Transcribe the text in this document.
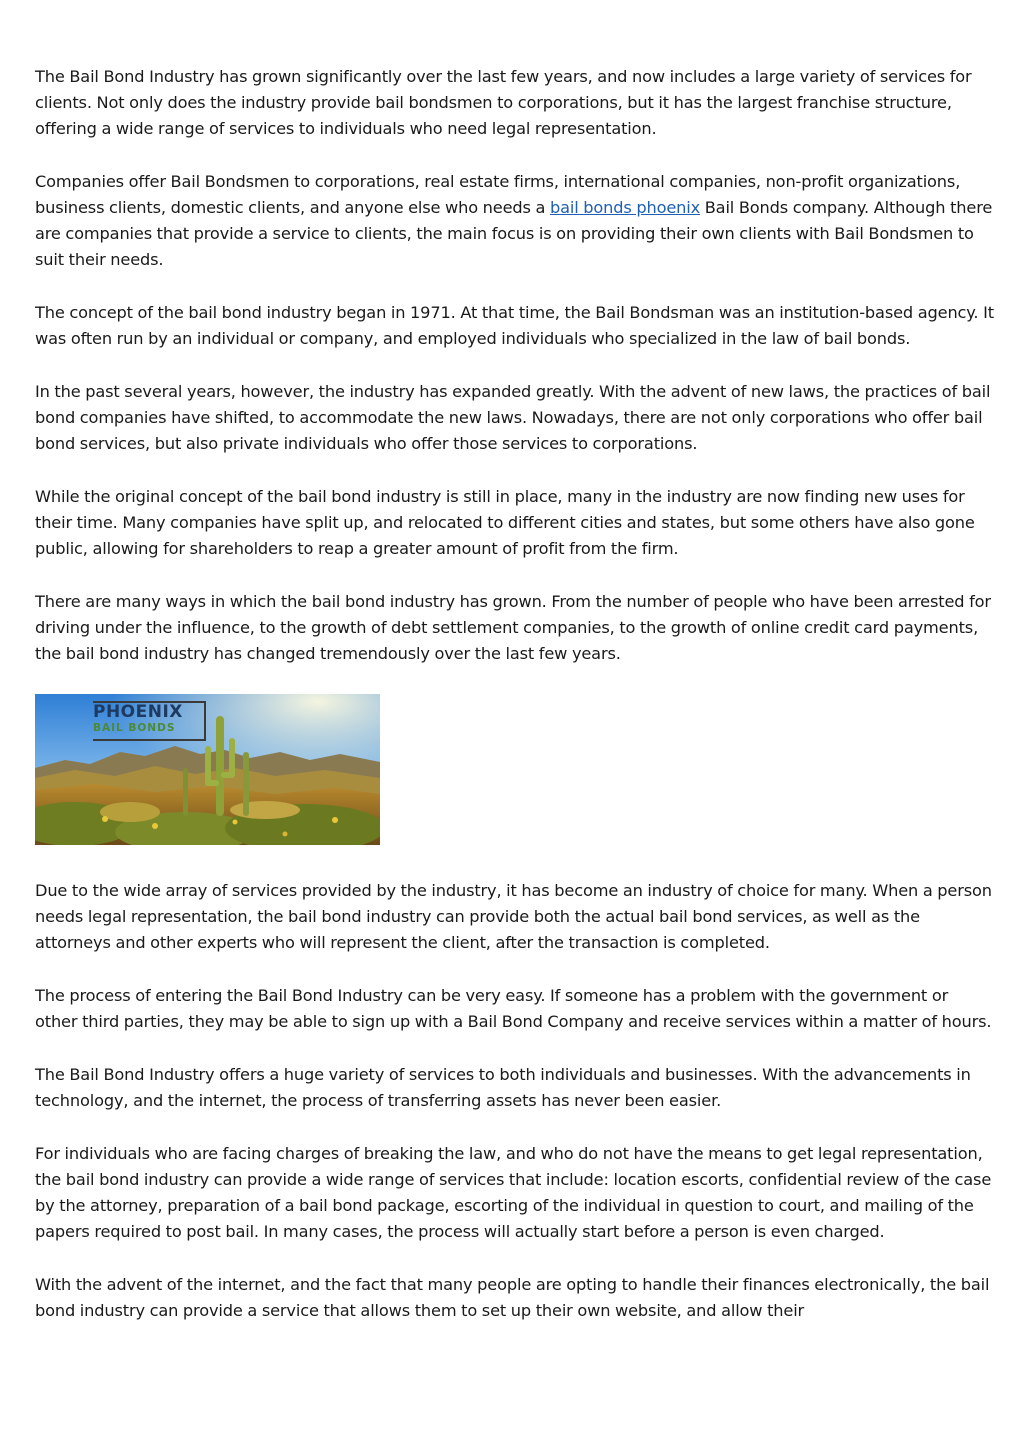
The Bail Bond Industry has grown significantly over the last few years, and now includes a large variety of services for clients. Not only does the industry provide bail bondsmen to corporations, but it has the largest franchise structure, offering a wide range of services to individuals who need legal representation.

Companies offer Bail Bondsmen to corporations, real estate firms, international companies, non-profit organizations, business clients, domestic clients, and anyone else who needs a bail bonds phoenix Bail Bonds company. Although there are companies that provide a service to clients, the main focus is on providing their own clients with Bail Bondsmen to suit their needs.

The concept of the bail bond industry began in 1971. At that time, the Bail Bondsman was an institution-based agency. It was often run by an individual or company, and employed individuals who specialized in the law of bail bonds.

In the past several years, however, the industry has expanded greatly. With the advent of new laws, the practices of bail bond companies have shifted, to accommodate the new laws. Nowadays, there are not only corporations who offer bail bond services, but also private individuals who offer those services to corporations.

While the original concept of the bail bond industry is still in place, many in the industry are now finding new uses for their time. Many companies have split up, and relocated to different cities and states, but some others have also gone public, allowing for shareholders to reap a greater amount of profit from the firm.

There are many ways in which the bail bond industry has grown. From the number of people who have been arrested for driving under the influence, to the growth of debt settlement companies, to the growth of online credit card payments, the bail bond industry has changed tremendously over the last few years.

PHOENIX
BAIL BONDS

Due to the wide array of services provided by the industry, it has become an industry of choice for many. When a person needs legal representation, the bail bond industry can provide both the actual bail bond services, as well as the attorneys and other experts who will represent the client, after the transaction is completed.

The process of entering the Bail Bond Industry can be very easy. If someone has a problem with the government or other third parties, they may be able to sign up with a Bail Bond Company and receive services within a matter of hours.

The Bail Bond Industry offers a huge variety of services to both individuals and businesses. With the advancements in technology, and the internet, the process of transferring assets has never been easier.

For individuals who are facing charges of breaking the law, and who do not have the means to get legal representation, the bail bond industry can provide a wide range of services that include: location escorts, confidential review of the case by the attorney, preparation of a bail bond package, escorting of the individual in question to court, and mailing of the papers required to post bail. In many cases, the process will actually start before a person is even charged.

With the advent of the internet, and the fact that many people are opting to handle their finances electronically, the bail bond industry can provide a service that allows them to set up their own website, and allow their
